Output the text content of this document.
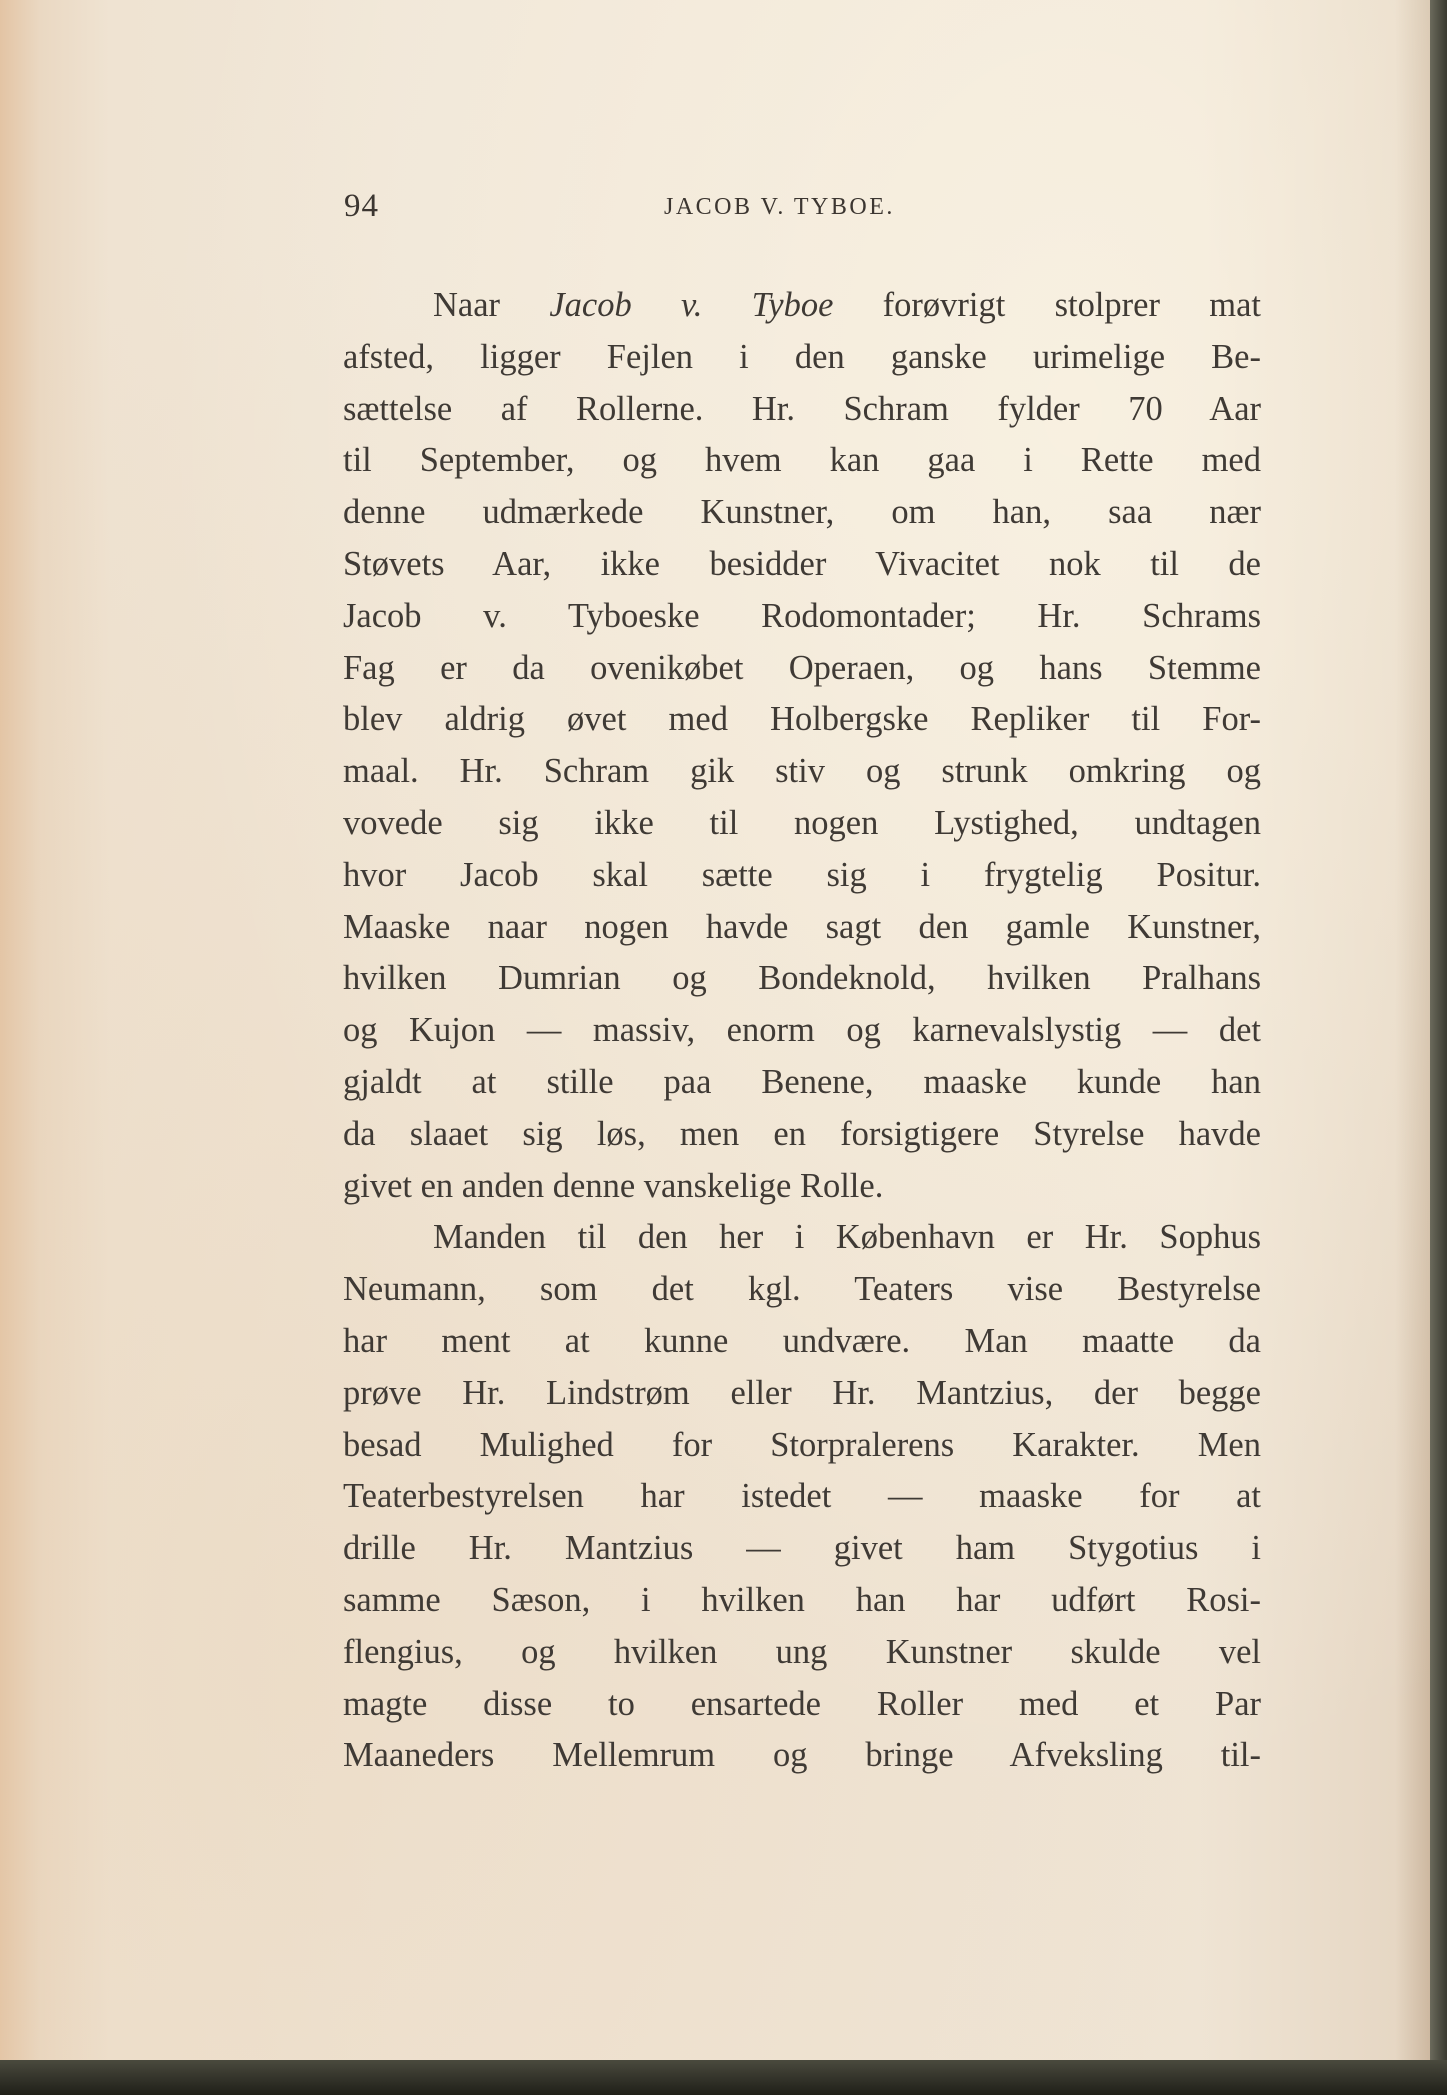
94	JACOB V. TYBOE.
Naar Jacob v. Tyboe forøvrigt stolprer mat
afsted, ligger Fejlen i den ganske urimelige Be-
sættelse af Rollerne. Hr. Schram fylder 70 Aar
til September, og hvem kan gaa i Rette med
denne udmærkede Kunstner, om han, saa nær
Støvets Aar, ikke besidder Vivacitet nok til de
Jacob v. Tyboeske Rodomontader; Hr. Schrams
Fag er da ovenikøbet Operaen, og hans Stemme
blev aldrig øvet med Holbergske Repliker til For-
maal. Hr. Schram gik stiv og strunk omkring og
vovede sig ikke til nogen Lystighed, undtagen
hvor Jacob skal sætte sig i frygtelig Positur.
Maaske naar nogen havde sagt den gamle Kunstner,
hvilken Dumrian og Bondeknold, hvilken Pralhans
og Kujon — massiv, enorm og karnevalslystig — det
gjaldt at stille paa Benene, maaske kunde han
da slaaet sig løs, men en forsigtigere Styrelse havde
givet en anden denne vanskelige Rolle.
Manden til den her i København er Hr. Sophus
Neumann, som det kgl. Teaters vise Bestyrelse
har ment at kunne undvære. Man maatte da
prøve Hr. Lindstrøm eller Hr. Mantzius, der begge
besad Mulighed for Storpralerens Karakter. Men
Teaterbestyrelsen har istedet — maaske for at
drille Hr. Mantzius — givet ham Stygotius i
samme Sæson, i hvilken han har udført Rosi-
flengius, og hvilken ung Kunstner skulde vel
magte disse to ensartede Roller med et Par
Maaneders Mellemrum og bringe Afveksling til-
